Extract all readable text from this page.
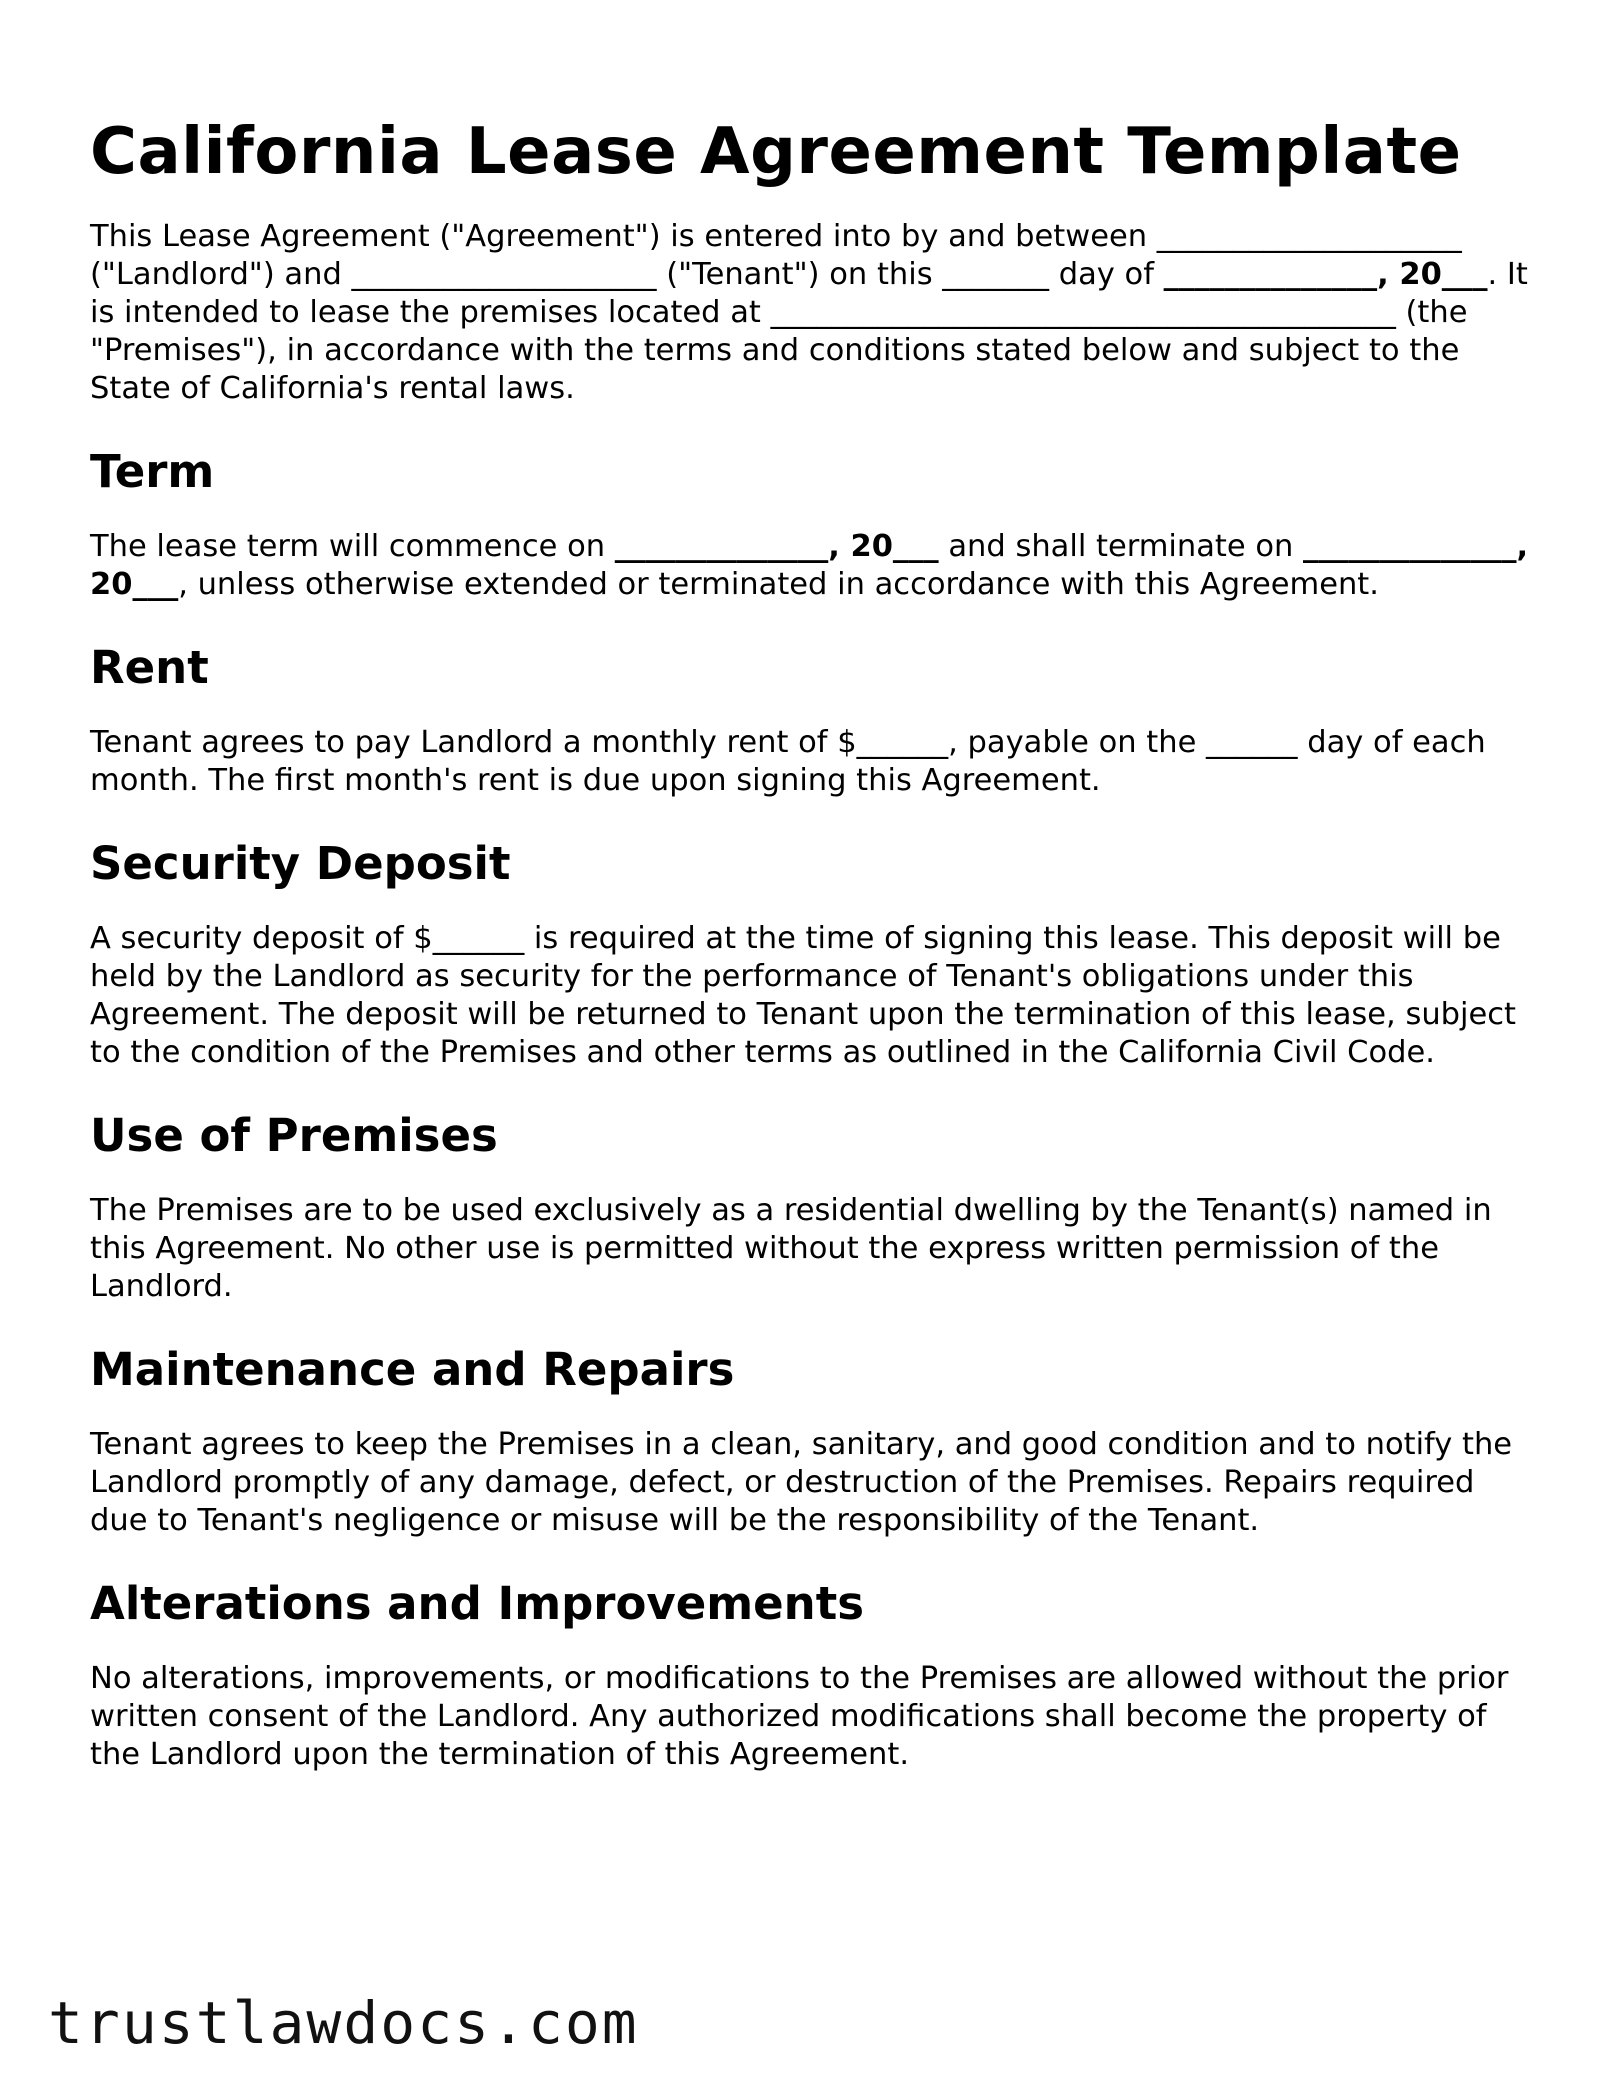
California Lease Agreement Template

This Lease Agreement ("Agreement") is entered into by and between ____________________ ("Landlord") and ____________________ ("Tenant") on this _______ day of ______________, 20___. It is intended to lease the premises located at _________________________________________ (the "Premises"), in accordance with the terms and conditions stated below and subject to the State of California's rental laws.

Term

The lease term will commence on ______________, 20___ and shall terminate on ______________, 20___, unless otherwise extended or terminated in accordance with this Agreement.

Rent

Tenant agrees to pay Landlord a monthly rent of $______, payable on the ______ day of each month. The first month's rent is due upon signing this Agreement.

Security Deposit

A security deposit of $______ is required at the time of signing this lease. This deposit will be held by the Landlord as security for the performance of Tenant's obligations under this Agreement. The deposit will be returned to Tenant upon the termination of this lease, subject to the condition of the Premises and other terms as outlined in the California Civil Code.

Use of Premises

The Premises are to be used exclusively as a residential dwelling by the Tenant(s) named in this Agreement. No other use is permitted without the express written permission of the Landlord.

Maintenance and Repairs

Tenant agrees to keep the Premises in a clean, sanitary, and good condition and to notify the Landlord promptly of any damage, defect, or destruction of the Premises. Repairs required due to Tenant's negligence or misuse will be the responsibility of the Tenant.

Alterations and Improvements

No alterations, improvements, or modifications to the Premises are allowed without the prior written consent of the Landlord. Any authorized modifications shall become the property of the Landlord upon the termination of this Agreement.

trustlawdocs.com
